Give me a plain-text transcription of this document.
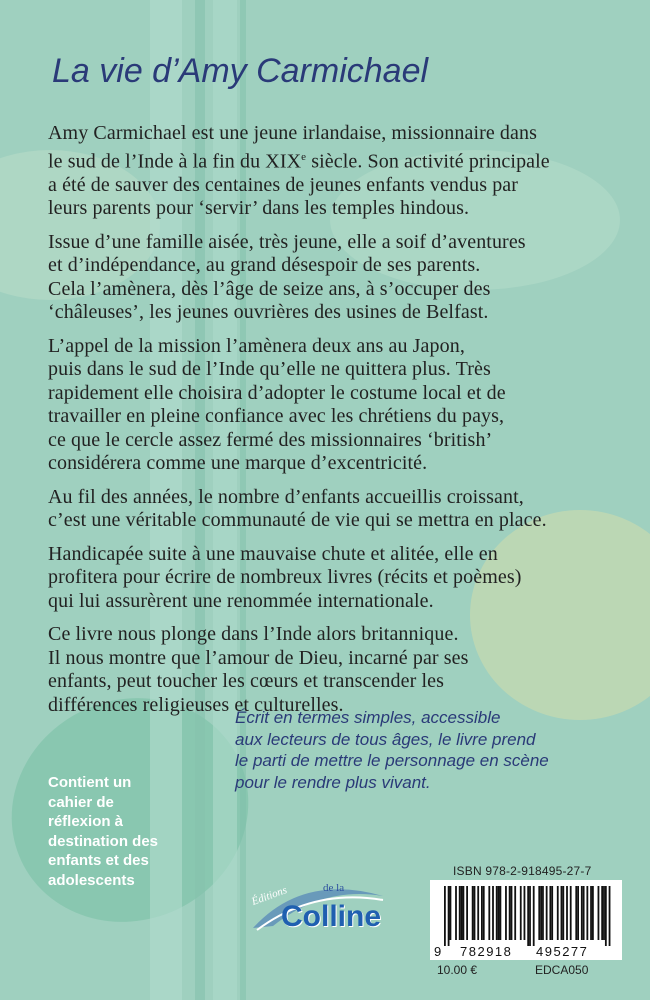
La vie d’Amy Carmichael

Amy Carmichael est une jeune irlandaise, missionnaire dans
le sud de l’Inde à la fin du XIXe siècle. Son activité principale
a été de sauver des centaines de jeunes enfants vendus par
leurs parents pour ‘servir’ dans les temples hindous.

Issue d’une famille aisée, très jeune, elle a soif d’aventures
et d’indépendance, au grand désespoir de ses parents.
Cela l’amènera, dès l’âge de seize ans, à s’occuper des
‘châleuses’, les jeunes ouvrières des usines de Belfast.

L’appel de la mission l’amènera deux ans au Japon,
puis dans le sud de l’Inde qu’elle ne quittera plus. Très
rapidement elle choisira d’adopter le costume local et de
travailler en pleine confiance avec les chrétiens du pays,
ce que le cercle assez fermé des missionnaires ‘british’
considérera comme une marque d’excentricité.

Au fil des années, le nombre d’enfants accueillis croissant,
c’est une véritable communauté de vie qui se mettra en place.

Handicapée suite à une mauvaise chute et alitée, elle en
profitera pour écrire de nombreux livres (récits et poèmes)
qui lui assurèrent une renommée internationale.

Ce livre nous plonge dans l’Inde alors britannique.
Il nous montre que l’amour de Dieu, incarné par ses
enfants, peut toucher les cœurs et transcender les
différences religieuses et culturelles.

Écrit en termes simples, accessible
aux lecteurs de tous âges, le livre prend
le parti de mettre le personnage en scène
pour le rendre plus vivant.
Contient un
cahier de
réflexion à
destination des
enfants et des
adolescents
Éditions	de la
Colline
ISBN 978-2-918495-27-7
9 782918 495277
10.00 €	EDCA050
